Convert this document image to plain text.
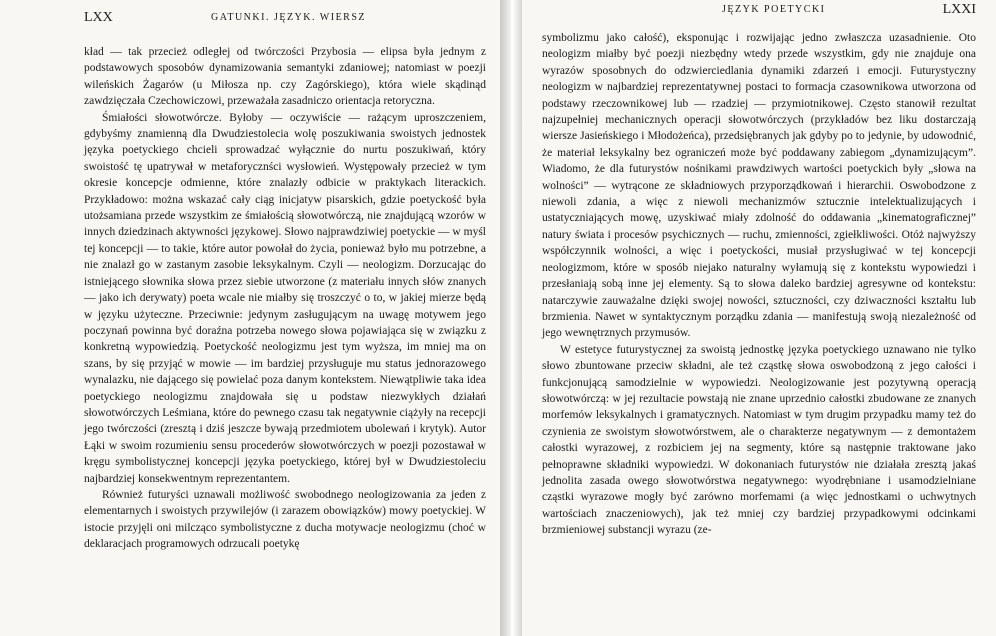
LXX	GATUNKI. JĘZYK. WIERSZ

kład — tak przecież odległej od twórczości Przybosia — elipsa była jednym z podstawowych sposobów dynamizowania semantyki zdaniowej; natomiast w poezji wileńskich Żagarów (u Miłosza np. czy Zagórskiego), która wiele skądinąd zawdzięczała Czechowiczowi, przeważała zasadniczo orientacja retoryczna.

Śmiałości słowotwórcze. Byłoby — oczywiście — rażącym uproszczeniem, gdybyśmy znamienną dla Dwudziestolecia wolę poszukiwania swoistych jednostek języka poetyckiego chcieli sprowadzać wyłącznie do nurtu poszukiwań, który swoistość tę upatrywał w metaforycznści wysłowień. Występowały przecież w tym okresie koncepcje odmienne, które znalazły odbicie w praktykach literackich. Przykładowo: można wskazać cały ciąg inicjatyw pisarskich, gdzie poetyckość była utożsamiana przede wszystkim ze śmiałością słowotwórczą, nie znajdującą wzorów w innych dziedzinach aktywności językowej. Słowo najprawdziwiej poetyckie — w myśl tej koncepcji — to takie, które autor powołał do życia, ponieważ było mu potrzebne, a nie znalazł go w zastanym zasobie leksykalnym. Czyli — neologizm. Dorzucając do istniejącego słownika słowa przez siebie utworzone (z materiału innych słów znanych — jako ich derywaty) poeta wcale nie miałby się troszczyć o to, w jakiej mierze będą w języku użyteczne. Przeciwnie: jedynym zasługującym na uwagę motywem jego poczynań powinna być doraźna potrzeba nowego słowa pojawiająca się w związku z konkretną wypowiedzią. Poetyckość neologizmu jest tym wyższa, im mniej ma on szans, by się przyjąć w mowie — im bardziej przysługuje mu status jednorazowego wynalazku, nie dającego się powielać poza danym kontekstem. Niewątpliwie taka idea poetyckiego neologizmu znajdowała się u podstaw niezwykłych działań słowotwórczych Leśmiana, które do pewnego czasu tak negatywnie ciążyły na recepcji jego twórczości (zresztą i dziś jeszcze bywają przedmiotem ubolewań i krytyk). Autor Łąki w swoim rozumieniu sensu procederów słowotwórczych w poezji pozostawał w kręgu symbolistycznej koncepcji języka poetyckiego, której był w Dwudziestoleciu najbardziej konsekwentnym reprezentantem.

Również futuryści uznawali możliwość swobodnego neologizowania za jeden z elementarnych i swoistych przywilejów (i zarazem obowiązków) mowy poetyckiej. W istocie przyjęli oni milcząco symbolistyczne z ducha motywacje neologizmu (choć w deklaracjach programowych odrzucali poetykę

JĘZYK POETYCKI	LXXI

symbolizmu jako całość), eksponując i rozwijając jedno zwłaszcza uzasadnienie. Oto neologizm miałby być poezji niezbędny wtedy przede wszystkim, gdy nie znajduje ona wyrazów sposobnych do odzwierciedlania dynamiki zdarzeń i emocji. Futurystyczny neologizm w najbardziej reprezentatywnej postaci to formacja czasownikowa utworzona od podstawy rzeczownikowej lub — rzadziej — przymiotnikowej. Często stanowił rezultat najzupełniej mechanicznych operacji słowotwórczych (przykładów bez liku dostarczają wiersze Jasieńskiego i Młodożeńca), przedsiębranych jak gdyby po to jedynie, by udowodnić, że materiał leksykalny bez ograniczeń może być poddawany zabiegom „dynamizującym”. Wiadomo, że dla futurystów nośnikami prawdziwych wartości poetyckich były „słowa na wolności” — wytrącone ze składniowych przyporządkowań i hierarchii. Oswobodzone z niewoli zdania, a więc z niewoli mechanizmów sztucznie intelektualizujących i ustatyczniających mowę, uzyskiwać miały zdolność do oddawania „kinematograficznej” natury świata i procesów psychicznych — ruchu, zmienności, zgiełkliwości. Otóż najwyższy współczynnik wolności, a więc i poetyckości, musiał przysługiwać w tej koncepcji neologizmom, które w sposób niejako naturalny wyłamują się z kontekstu wypowiedzi i przesłaniają sobą inne jej elementy. Są to słowa daleko bardziej agresywne od kontekstu: natarczywie zauważalne dzięki swojej nowości, sztuczności, czy dziwaczności kształtu lub brzmienia. Nawet w syntaktycznym porządku zdania — manifestują swoją niezależność od jego wewnętrznych przymusów.

W estetyce futurystycznej za swoistą jednostkę języka poetyckiego uznawano nie tylko słowo zbuntowane przeciw składni, ale też cząstkę słowa oswobodzoną z jego całości i funkcjonującą samodzielnie w wypowiedzi. Neologizowanie jest pozytywną operacją słowotwórczą: w jej rezultacie powstają nie znane uprzednio całostki zbudowane ze znanych morfemów leksykalnych i gramatycznych. Natomiast w tym drugim przypadku mamy też do czynienia ze swoistym słowotwórstwem, ale o charakterze negatywnym — z demontażem całostki wyrazowej, z rozbiciem jej na segmenty, które są następnie traktowane jako pełnoprawne składniki wypowiedzi. W dokonaniach futurystów nie działała zresztą jakaś jednolita zasada owego słowotwórstwa negatywnego: wyodrębniane i usamodzielniane cząstki wyrazowe mogły być zarówno morfemami (a więc jednostkami o uchwytnych wartościach znaczeniowych), jak też mniej czy bardziej przypadkowymi odcinkami brzmieniowej substancji wyrazu (ze-
